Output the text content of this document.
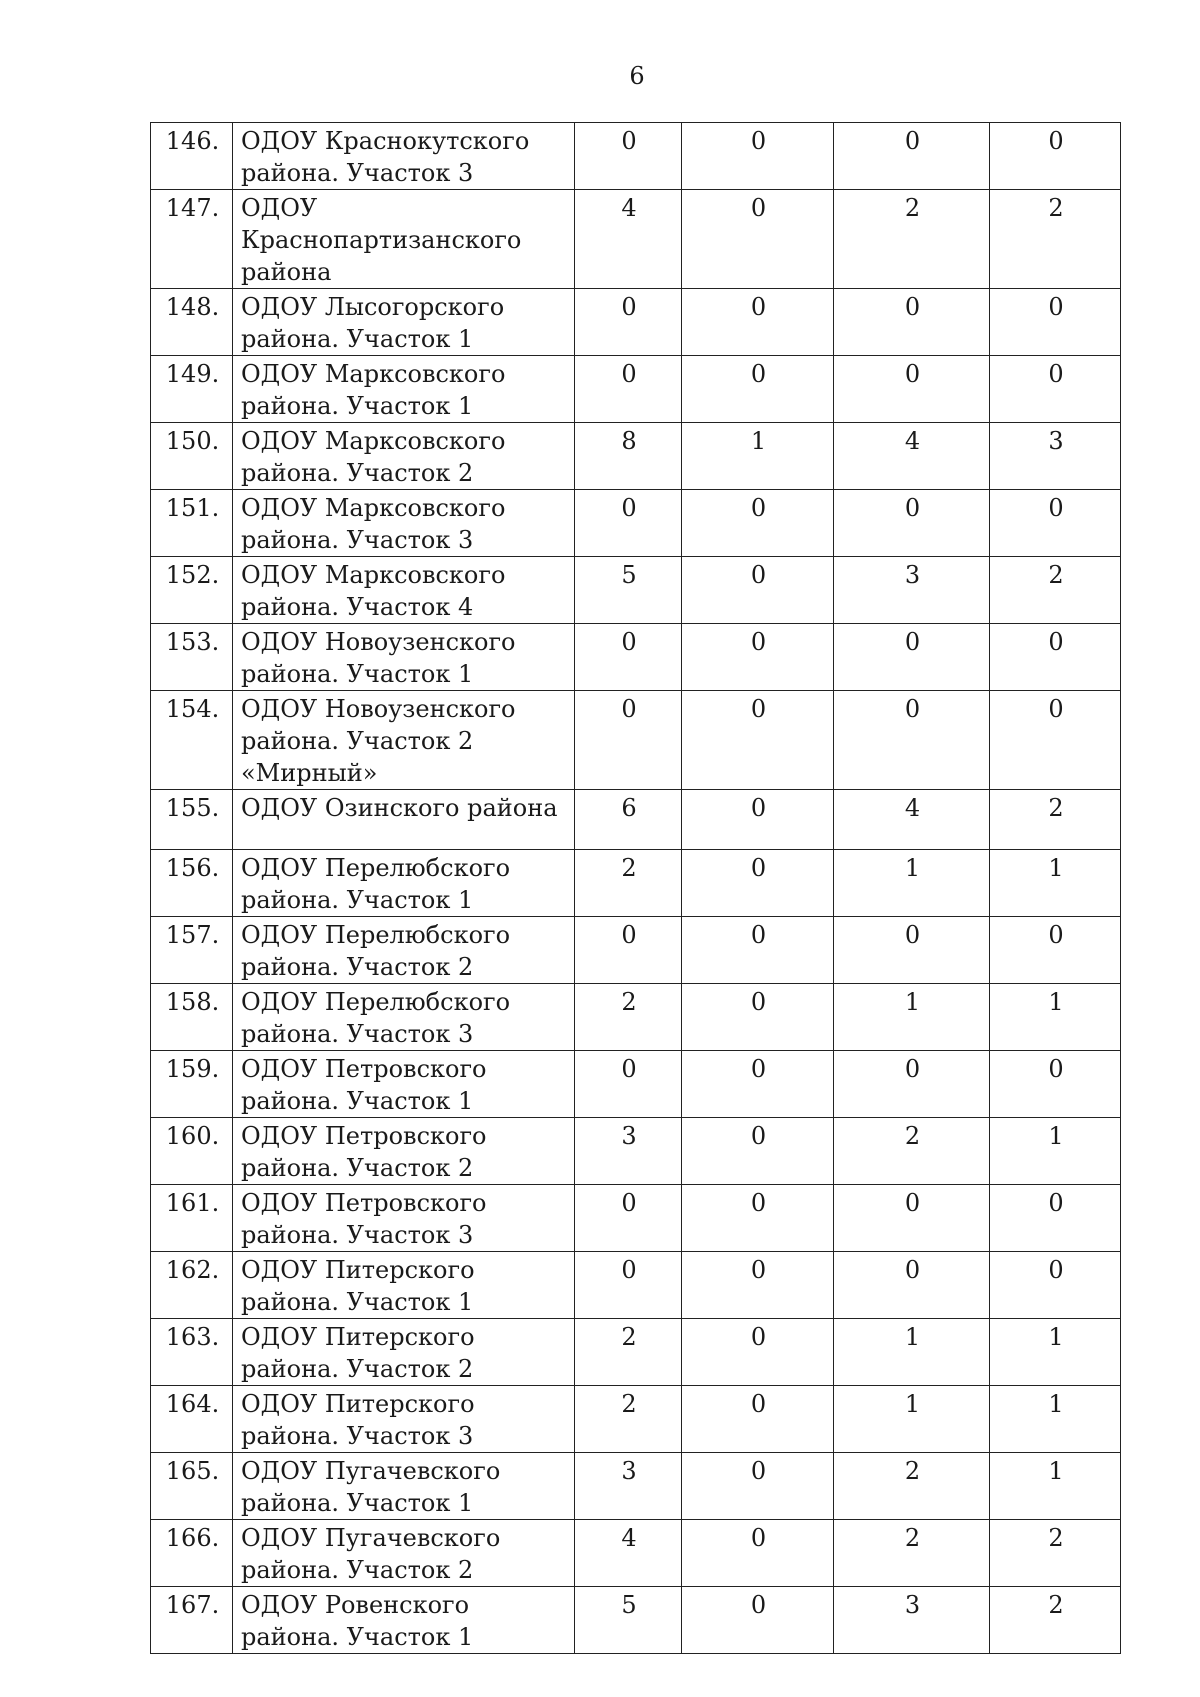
6
146.	ОДОУ Краснокутского района. Участок 3	0	0	0	0
147.	ОДОУ Краснопартизанского района	4	0	2	2
148.	ОДОУ Лысогорского района. Участок 1	0	0	0	0
149.	ОДОУ Марксовского района. Участок 1	0	0	0	0
150.	ОДОУ Марксовского района. Участок 2	8	1	4	3
151.	ОДОУ Марксовского района. Участок 3	0	0	0	0
152.	ОДОУ Марксовского района. Участок 4	5	0	3	2
153.	ОДОУ Новоузенского района. Участок 1	0	0	0	0
154.	ОДОУ Новоузенского района. Участок 2 «Мирный»	0	0	0	0
155.	ОДОУ Озинского района	6	0	4	2
156.	ОДОУ Перелюбского района. Участок 1	2	0	1	1
157.	ОДОУ Перелюбского района. Участок 2	0	0	0	0
158.	ОДОУ Перелюбского района. Участок 3	2	0	1	1
159.	ОДОУ Петровского района. Участок 1	0	0	0	0
160.	ОДОУ Петровского района. Участок 2	3	0	2	1
161.	ОДОУ Петровского района. Участок 3	0	0	0	0
162.	ОДОУ Питерского района. Участок 1	0	0	0	0
163.	ОДОУ Питерского района. Участок 2	2	0	1	1
164.	ОДОУ Питерского района. Участок 3	2	0	1	1
165.	ОДОУ Пугачевского района. Участок 1	3	0	2	1
166.	ОДОУ Пугачевского района. Участок 2	4	0	2	2
167.	ОДОУ Ровенского района. Участок 1	5	0	3	2
